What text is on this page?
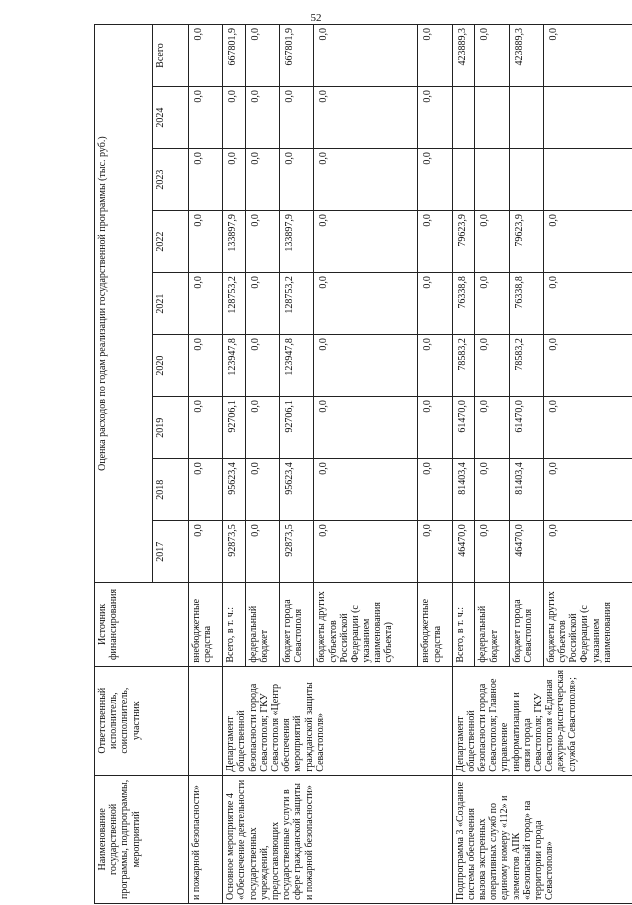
52
Наименование государственной программы, подпрограммы, мероприятий	Ответственный исполнитель, соисполнитель, участник	Источник финансирования	Оценка расходов по годам реализации государственной программы (тыс. руб.)								
			2017	2018	2019	2020	2021	2022	2023	2024	Всего
и пожарной безопасности»		внебюджетные средства	0,0	0,0	0,0	0,0	0,0	0,0	0,0	0,0	0,0
Основное мероприятие 4 «Обеспечение деятельности государственных учреждений, предоставляющих государственные услуги в сфере гражданской защиты и пожарной безопасности»	Департамент общественной безопасности города Севастополя; ГКУ Севастополя «Центр обеспечения мероприятий гражданской защиты Севастополя»	Всего, в т. ч.:	92873,5	95623,4	92706,1	123947,8	128753,2	133897,9	0,0	0,0	667801,9
		федеральный бюджет	0,0	0,0	0,0	0,0	0,0	0,0	0,0	0,0	0,0
		бюджет города Севастополя	92873,5	95623,4	92706,1	123947,8	128753,2	133897,9	0,0	0,0	667801,9
		бюджеты других субъектов Российской Федерации (с указанием наименования субъекта)	0,0	0,0	0,0	0,0	0,0	0,0	0,0	0,0	0,0
		внебюджетные средства	0,0	0,0	0,0	0,0	0,0	0,0	0,0	0,0	0,0
Подпрограмма 3 «Создание системы обеспечения вызова экстренных оперативных служб по единому номеру «112» и элементов АПК «Безопасный город» на территории города Севастополя»	Департамент общественной безопасности города Севастополя; Главное управление информатизации и связи города Севастополя; ГКУ Севастополя «Единая дежурно-диспетчерская служба Севастополя»;	Всего, в т. ч.:	46470,0	81403,4	61470,0	78583,2	76338,8	79623,9			423889,3
		федеральный бюджет	0,0	0,0	0,0	0,0	0,0	0,0			0,0
		бюджет города Севастополя	46470,0	81403,4	61470,0	78583,2	76338,8	79623,9			423889,3
		бюджеты других субъектов Российской Федерации (с указанием наименования	0,0	0,0	0,0	0,0	0,0	0,0			0,0
